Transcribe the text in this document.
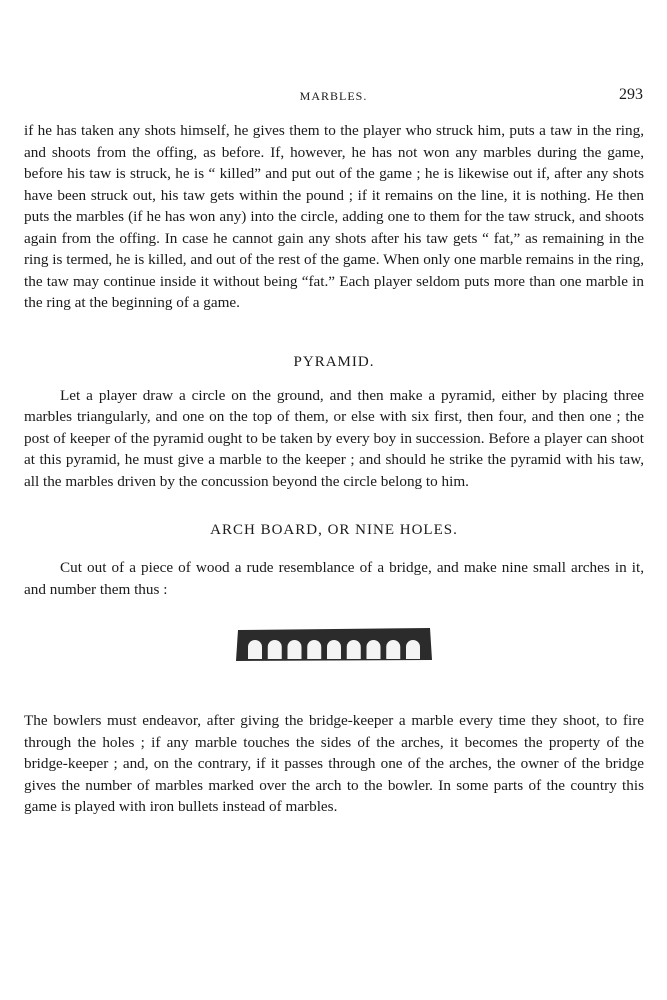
MARBLES.	293

if he has taken any shots himself, he gives them to the player who struck him, puts a taw in the ring, and shoots from the offing, as before. If, however, he has not won any marbles during the game, before his taw is struck, he is “ killed” and put out of the game ; he is likewise out if, after any shots have been struck out, his taw gets within the pound ; if it remains on the line, it is nothing. He then puts the marbles (if he has won any) into the circle, adding one to them for the taw struck, and shoots again from the offing. In case he cannot gain any shots after his taw gets “ fat,” as remaining in the ring is termed, he is killed, and out of the rest of the game. When only one marble remains in the ring, the taw may continue inside it without being “fat.” Each player seldom puts more than one marble in the ring at the beginning of a game.

PYRAMID.

Let a player draw a circle on the ground, and then make a pyramid, either by placing three marbles triangularly, and one on the top of them, or else with six first, then four, and then one ; the post of keeper of the pyramid ought to be taken by every boy in succession. Before a player can shoot at this pyramid, he must give a marble to the keeper ; and should he strike the pyramid with his taw, all the marbles driven by the concussion beyond the circle belong to him.

ARCH BOARD, OR NINE HOLES.

Cut out of a piece of wood a rude resemblance of a bridge, and make nine small arches in it, and number them thus :

The bowlers must endeavor, after giving the bridge-keeper a marble every time they shoot, to fire through the holes ; if any marble touches the sides of the arches, it becomes the property of the bridge-keeper ; and, on the contrary, if it passes through one of the arches, the owner of the bridge gives the number of marbles marked over the arch to the bowler. In some parts of the country this game is played with iron bullets instead of marbles.
